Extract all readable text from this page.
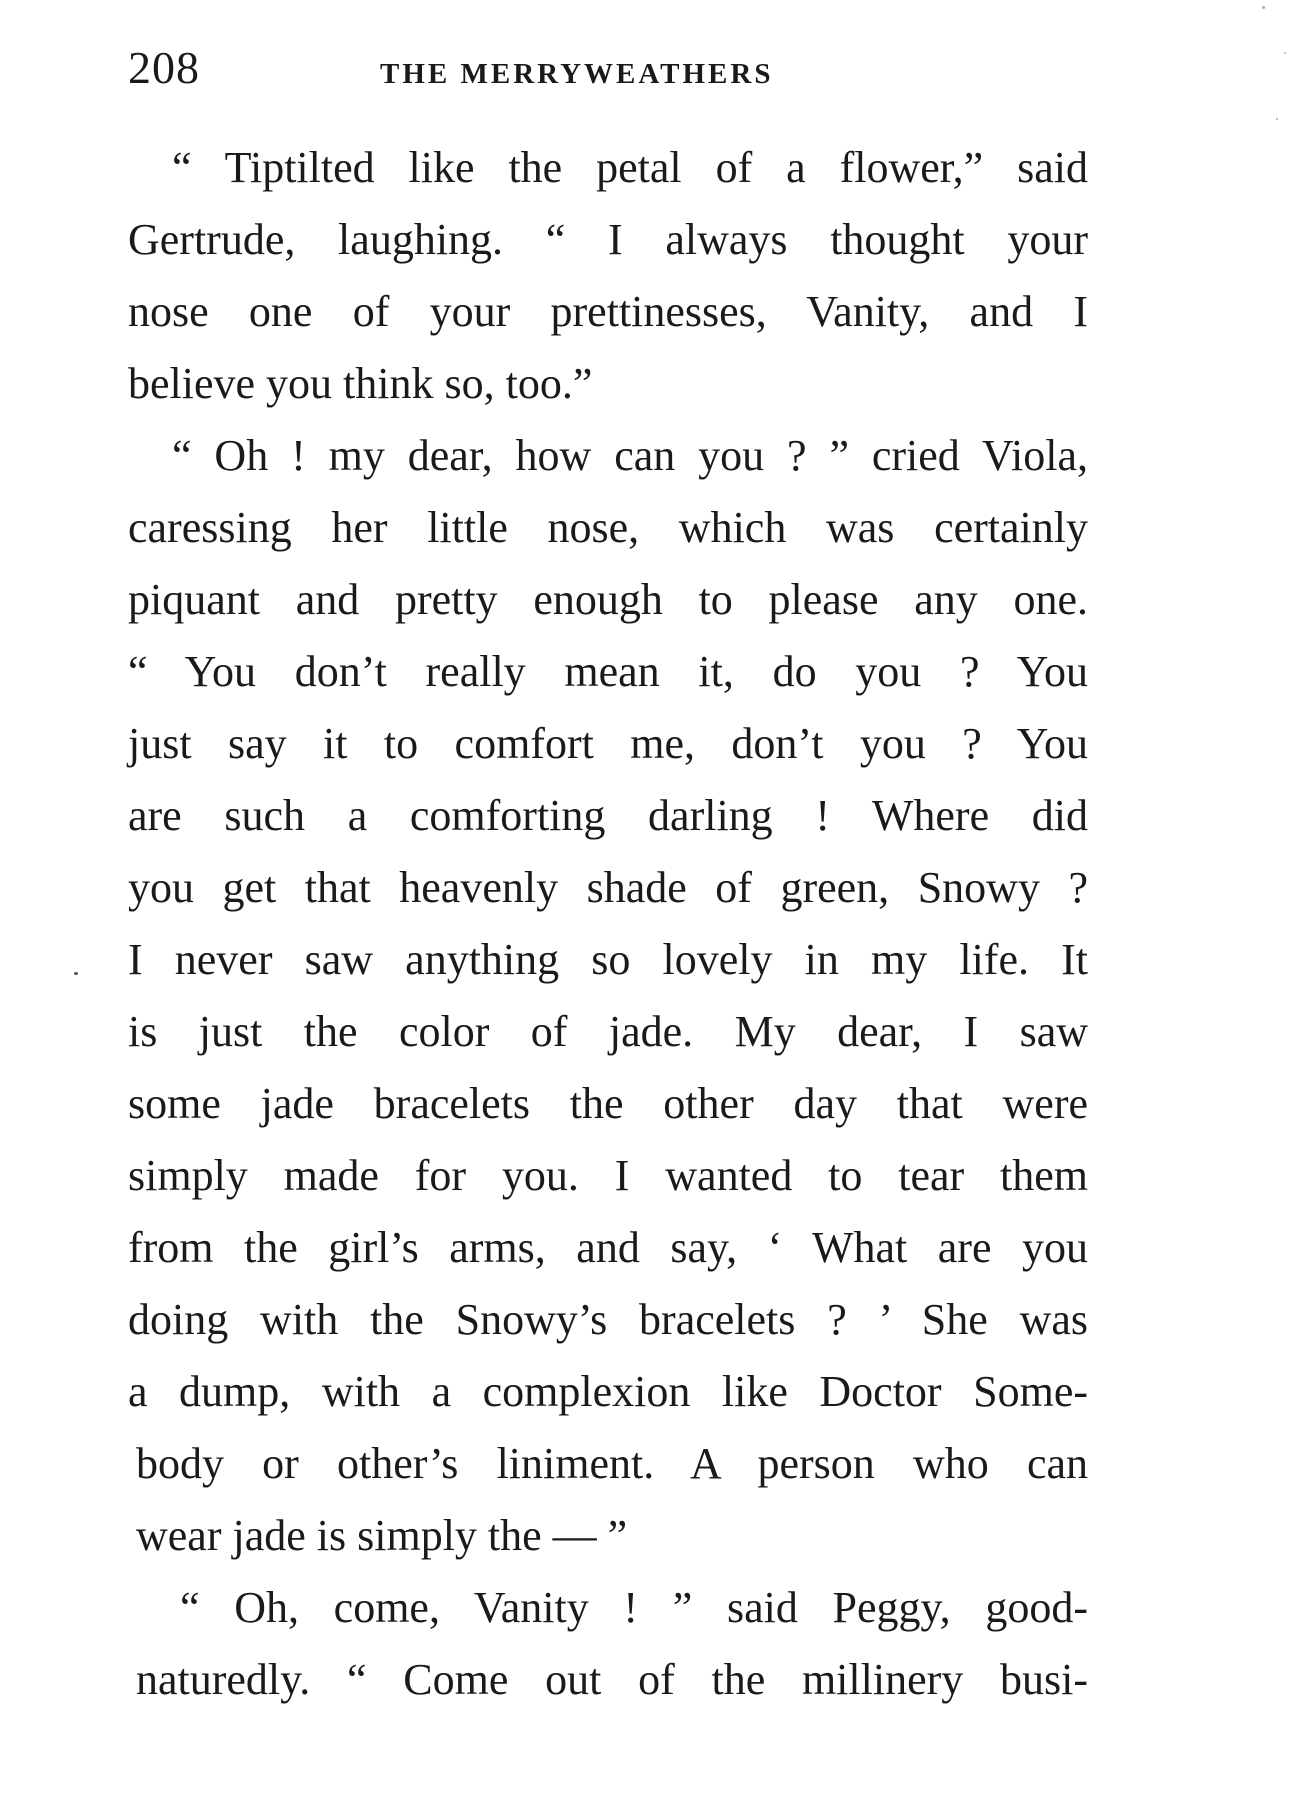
208	THE MERRYWEATHERS
“ Tiptilted like the petal of a flower,” said
Gertrude, laughing. “ I always thought your
nose one of your prettinesses, Vanity, and I
believe you think so, too.”
“ Oh ! my dear, how can you ? ” cried Viola,
caressing her little nose, which was certainly
piquant and pretty enough to please any one.
“ You don’t really mean it, do you ? You
just say it to comfort me, don’t you ? You
are such a comforting darling ! Where did
you get that heavenly shade of green, Snowy ?
I never saw anything so lovely in my life. It
is just the color of jade. My dear, I saw
some jade bracelets the other day that were
simply made for you. I wanted to tear them
from the girl’s arms, and say, ‘ What are you
doing with the Snowy’s bracelets ? ’ She was
a dump, with a complexion like Doctor Some-
body or other’s liniment. A person who can
wear jade is simply the — ”
“ Oh, come, Vanity ! ” said Peggy, good-
naturedly. “ Come out of the millinery busi-
